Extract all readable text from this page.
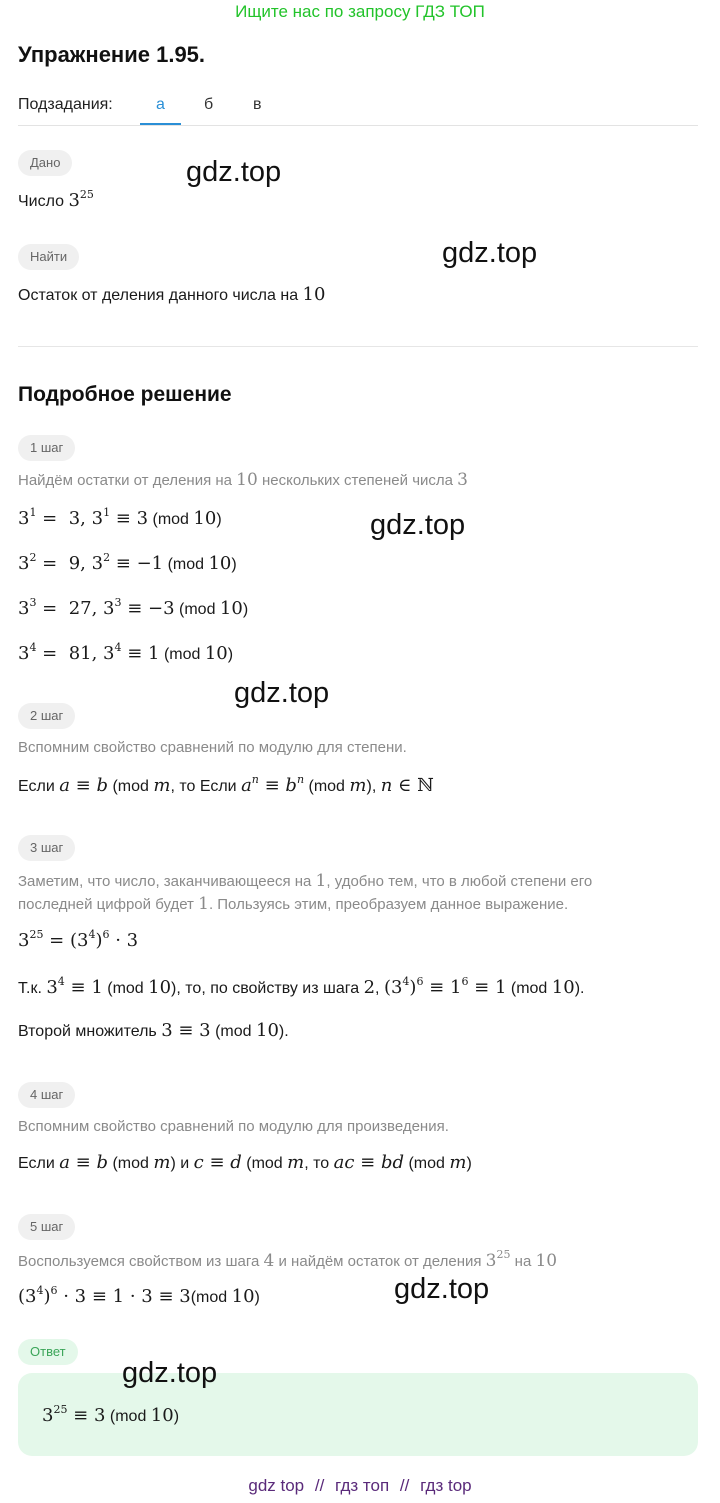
Ищите нас по запросу ГДЗ ТОП
Упражнение 1.95.
Подзадания:	а б в
Дано
Число $3^{25}$
Найти
Остаток от деления данного числа на 10
Подробное решение
1 шаг
Найдём остатки от деления на 10 нескольких степеней числа 3
$3^1 = 3$, $3^1 \equiv 3$ (mod 10)
$3^2 = 9$, $3^2 \equiv -1$ (mod 10)
$3^3 = 27$, $3^3 \equiv -3$ (mod 10)
$3^4 = 81$, $3^4 \equiv 1$ (mod 10)
2 шаг
Вспомним свойство сравнений по модулю для степени.
Если a ≡ b (mod m, то Если $a^n \equiv b^n$ (mod m), n ∈ ℕ
3 шаг
Заметим, что число, заканчивающееся на 1, удобно тем, что в любой степени его
последней цифрой будет 1. Пользуясь этим, преобразуем данное выражение.
$3^{25} = (3^4)^6 \cdot 3$
Т.к. $3^4 \equiv 1$ (mod 10), то, по свойству из шага 2, $(3^4)^6 \equiv 1^6 \equiv 1$ (mod 10).
Второй множитель 3 ≡ 3 (mod 10).
4 шаг
Вспомним свойство сравнений по модулю для произведения.
Если a ≡ b (mod m) и c ≡ d (mod m, то ac ≡ bd (mod m)
5 шаг
Воспользуемся свойством из шага 4 и найдём остаток от деления $3^{25}$ на 10
$(3^4)^6 \cdot 3 \equiv 1 \cdot 3 \equiv 3(mod$ 10)
Ответ
$3^{25} \equiv 3$ (mod 10)
gdz.top
gdz.top
gdz.top
gdz.top
gdz.top
gdz.top
gdz top // гдз топ // гдз top
